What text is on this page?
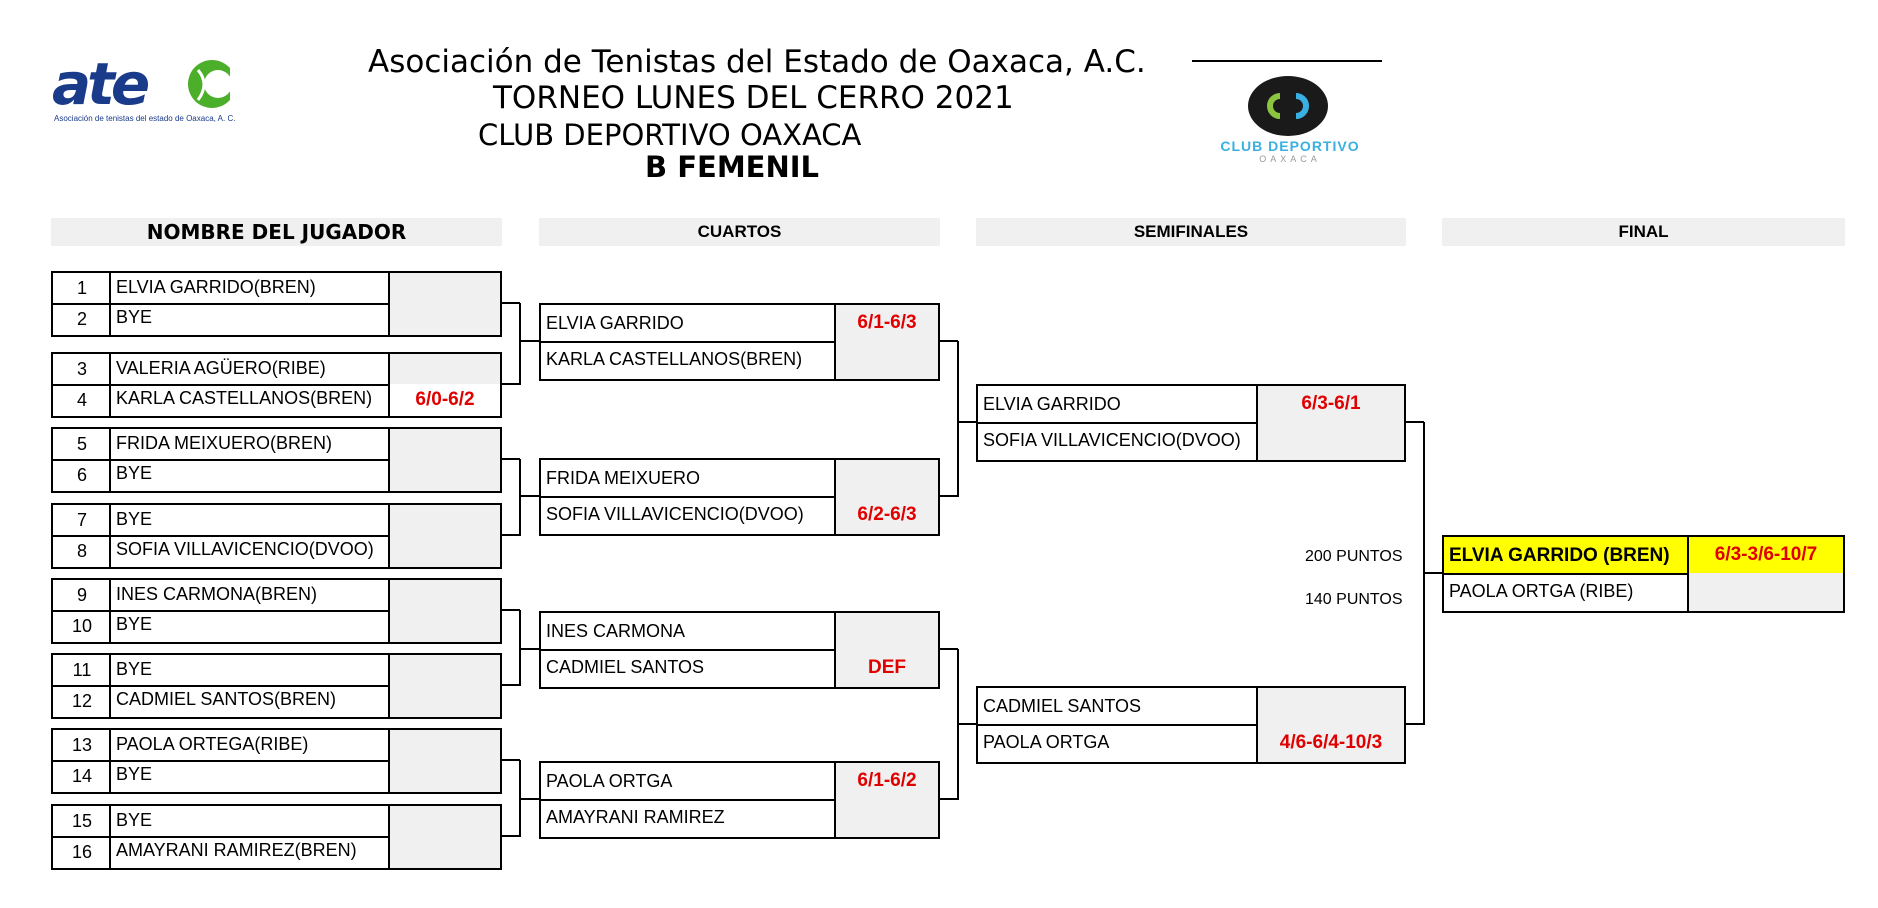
ate
Asociación de tenistas del estado de Oaxaca, A. C.
Asociación de Tenistas del Estado de Oaxaca, A.C.
TORNEO LUNES DEL CERRO 2021
CLUB DEPORTIVO OAXACA
B FEMENIL
CLUB DEPORTIVO
OAXACA
NOMBRE DEL JUGADOR	CUARTOS	SEMIFINALES	FINAL
1	ELVIA GARRIDO(BREN)
2	BYE
3	VALERIA AGÜERO(RIBE)
4	KARLA CASTELLANOS(BREN)	6/0-6/2
5	FRIDA MEIXUERO(BREN)
6	BYE
7	BYE
8	SOFIA VILLAVICENCIO(DVOO)
9	INES CARMONA(BREN)
10	BYE
11	BYE
12	CADMIEL SANTOS(BREN)
13	PAOLA ORTEGA(RIBE)
14	BYE
15	BYE
16	AMAYRANI RAMIREZ(BREN)
ELVIA GARRIDO	6/1-6/3
KARLA CASTELLANOS(BREN)
FRIDA MEIXUERO
SOFIA VILLAVICENCIO(DVOO)	6/2-6/3
INES CARMONA
CADMIEL SANTOS	DEF
PAOLA ORTGA	6/1-6/2
AMAYRANI RAMIREZ
ELVIA GARRIDO	6/3-6/1
SOFIA VILLAVICENCIO(DVOO)
CADMIEL SANTOS
PAOLA ORTGA	4/6-6/4-10/3
ELVIA GARRIDO (BREN)	6/3-3/6-10/7
PAOLA ORTGA (RIBE)
200 PUNTOS
140 PUNTOS
